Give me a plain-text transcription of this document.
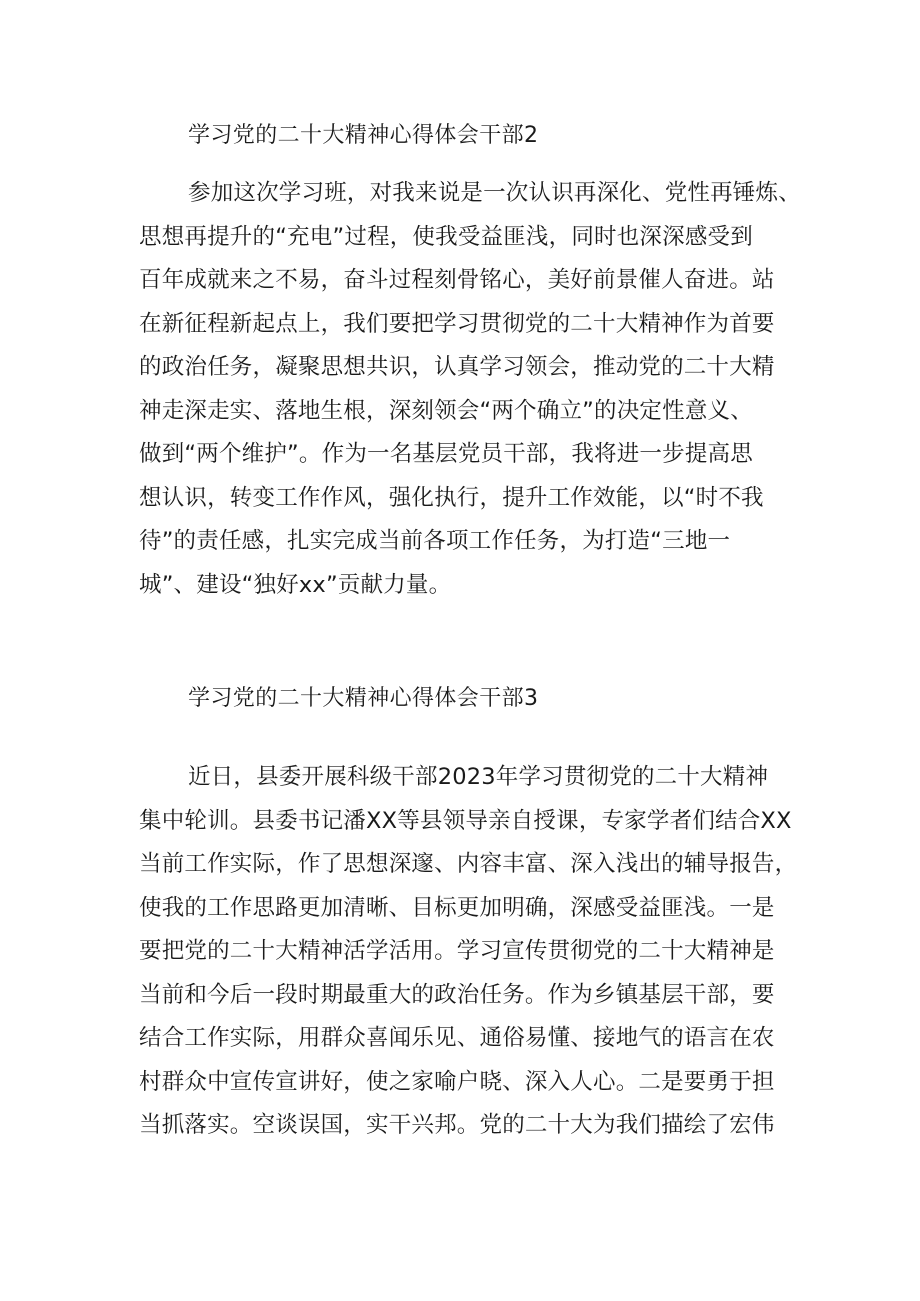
学习党的二十大精神心得体会干部2
参加这次学习班，对我来说是一次认识再深化、党性再锤炼、
思想再提升的“充电”过程，使我受益匪浅，同时也深深感受到
百年成就来之不易，奋斗过程刻骨铭心，美好前景催人奋进。站
在新征程新起点上，我们要把学习贯彻党的二十大精神作为首要
的政治任务，凝聚思想共识，认真学习领会，推动党的二十大精
神走深走实、落地生根，深刻领会“两个确立”的决定性意义、
做到“两个维护”。作为一名基层党员干部，我将进一步提高思
想认识，转变工作作风，强化执行，提升工作效能，以“时不我
待”的责任感，扎实完成当前各项工作任务，为打造“三地一
城”、建设“独好xx”贡献力量。
学习党的二十大精神心得体会干部3
近日，县委开展科级干部2023年学习贯彻党的二十大精神
集中轮训。县委书记潘XX等县领导亲自授课，专家学者们结合XX
当前工作实际，作了思想深邃、内容丰富、深入浅出的辅导报告，
使我的工作思路更加清晰、目标更加明确，深感受益匪浅。一是
要把党的二十大精神活学活用。学习宣传贯彻党的二十大精神是
当前和今后一段时期最重大的政治任务。作为乡镇基层干部，要
结合工作实际，用群众喜闻乐见、通俗易懂、接地气的语言在农
村群众中宣传宣讲好，使之家喻户晓、深入人心。二是要勇于担
当抓落实。空谈误国，实干兴邦。党的二十大为我们描绘了宏伟
